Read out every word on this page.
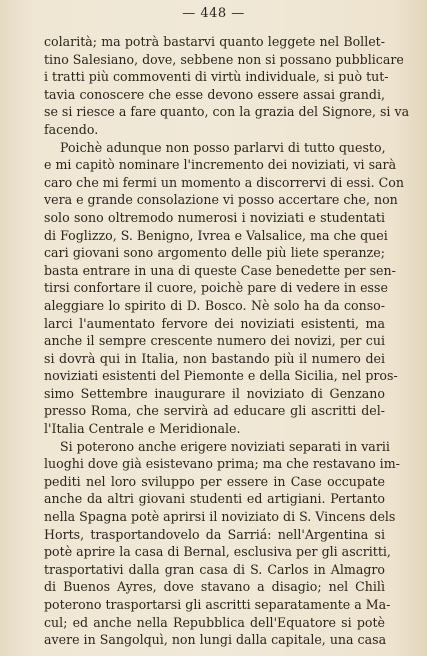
— 448 —
colarità; ma potrà bastarvi quanto leggete nel Bollet-
tino Salesiano, dove, sebbene non si possano pubblicare
i tratti più commoventi di virtù individuale, si può tut-
tavia conoscere che esse devono essere assai grandi,
se si riesce a fare quanto, con la grazia del Signore, si va
facendo.
Poichè adunque non posso parlarvi di tutto questo,
e mi capitò nominare l'incremento dei noviziati, vi sarà
caro che mi fermi un momento a discorrervi di essi. Con
vera e grande consolazione vi posso accertare che, non
solo sono oltremodo numerosi i noviziati e studentati
di Foglizzo, S. Benigno, Ivrea e Valsalice, ma che quei
cari giovani sono argomento delle più liete speranze;
basta entrare in una di queste Case benedette per sen-
tirsi confortare il cuore, poichè pare di vedere in esse
aleggiare lo spirito di D. Bosco. Nè solo ha da conso-
larci l'aumentato fervore dei noviziati esistenti, ma
anche il sempre crescente numero dei novizi, per cui
si dovrà qui in Italia, non bastando più il numero dei
noviziati esistenti del Piemonte e della Sicilia, nel pros-
simo Settembre inaugurare il noviziato di Genzano
presso Roma, che servirà ad educare gli ascritti del-
l'Italia Centrale e Meridionale.
Si poterono anche erigere noviziati separati in varii
luoghi dove già esistevano prima; ma che restavano im-
pediti nel loro sviluppo per essere in Case occupate
anche da altri giovani studenti ed artigiani. Pertanto
nella Spagna potè aprirsi il noviziato di S. Vincens dels
Horts, trasportandovelo da Sarriá: nell'Argentina si
potè aprire la casa di Bernal, esclusiva per gli ascritti,
trasportativi dalla gran casa di S. Carlos in Almagro
di Buenos Ayres, dove stavano a disagio; nel Chilì
poterono trasportarsi gli ascritti separatamente a Ma-
cul; ed anche nella Repubblica dell'Equatore si potè
avere in Sangolquì, non lungi dalla capitale, una casa
